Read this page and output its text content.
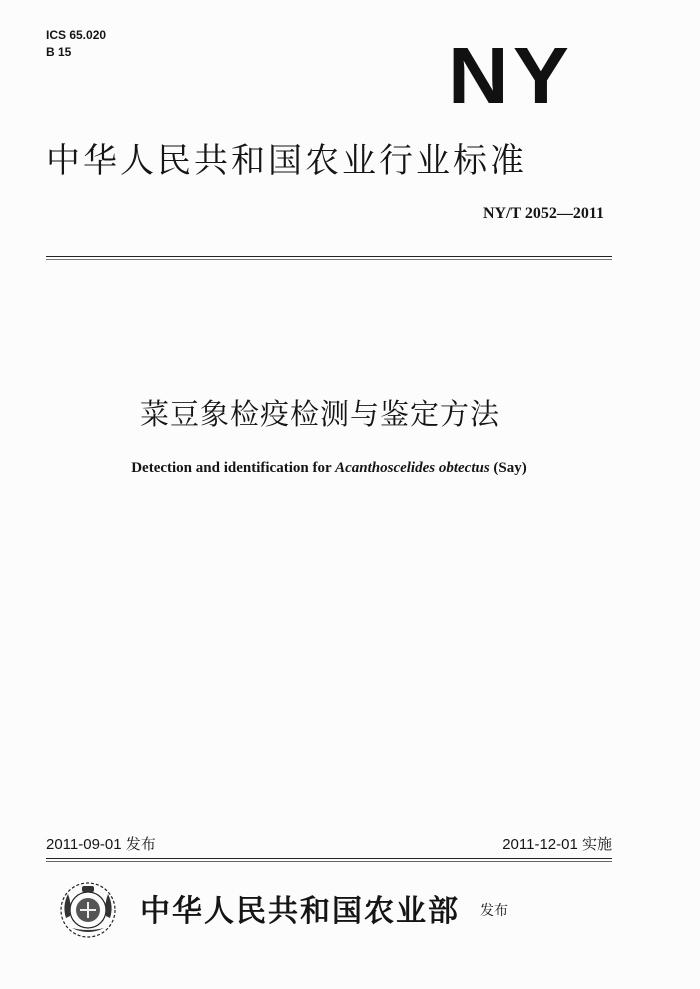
ICS 65.020
B 15	NY
中华人民共和国农业行业标准
NY/T 2052—2011
菜豆象检疫检测与鉴定方法
Detection and identification for Acanthoscelides obtectus (Say)
2011-09-01 发布	2011-12-01 实施
中华人民共和国农业部 发布
